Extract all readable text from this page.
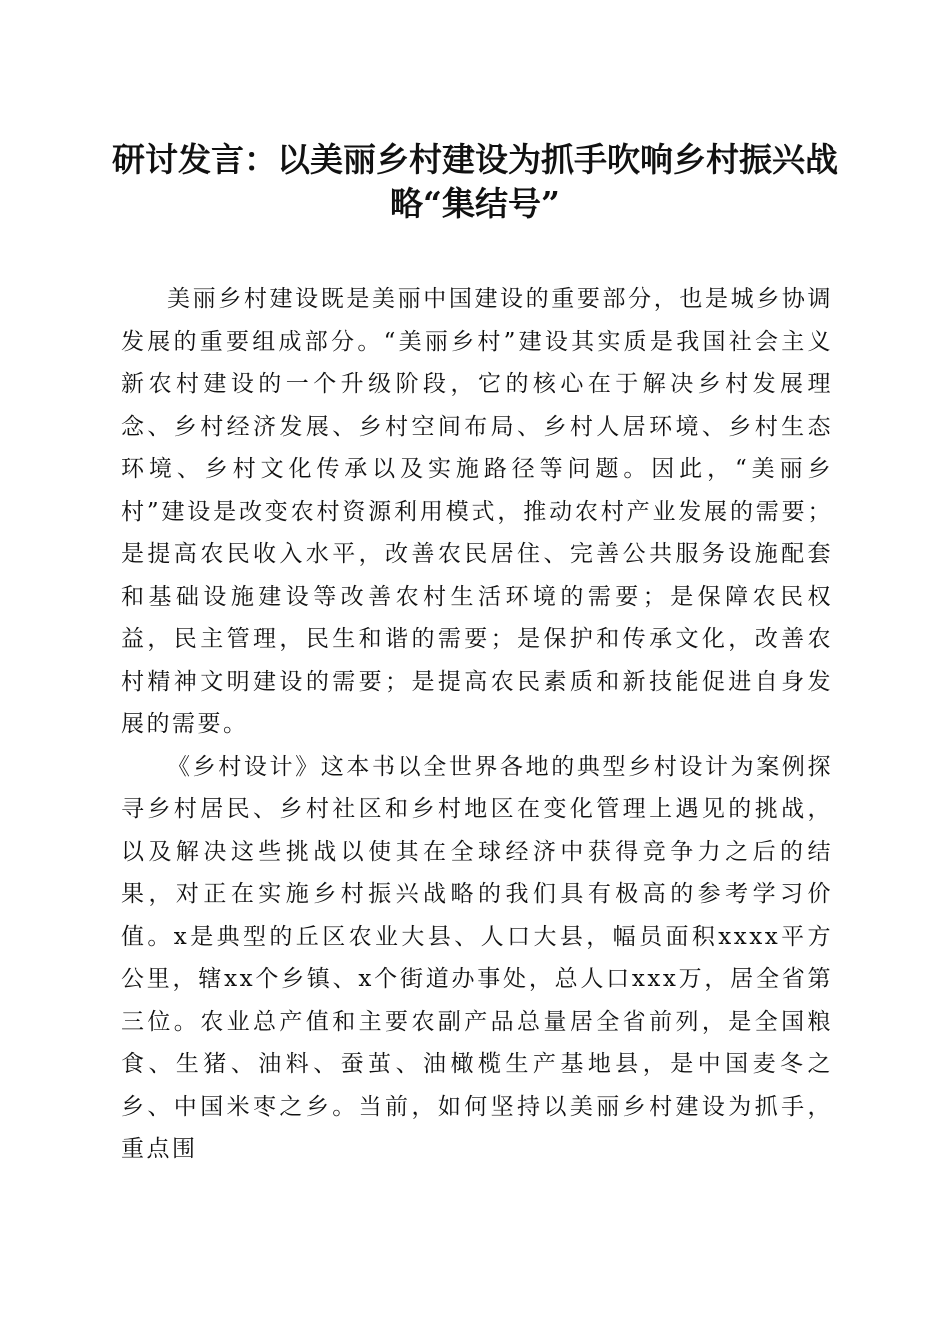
研讨发言：以美丽乡村建设为抓手吹响乡村振兴战略“集结号”

美丽乡村建设既是美丽中国建设的重要部分，也是城乡协调发展的重要组成部分。“美丽乡村”建设其实质是我国社会主义新农村建设的一个升级阶段，它的核心在于解决乡村发展理念、乡村经济发展、乡村空间布局、乡村人居环境、乡村生态环境、乡村文化传承以及实施路径等问题。因此，“美丽乡村”建设是改变农村资源利用模式，推动农村产业发展的需要；是提高农民收入水平，改善农民居住、完善公共服务设施配套和基础设施建设等改善农村生活环境的需要；是保障农民权益，民主管理，民生和谐的需要；是保护和传承文化，改善农村精神文明建设的需要；是提高农民素质和新技能促进自身发展的需要。

《乡村设计》这本书以全世界各地的典型乡村设计为案例探寻乡村居民、乡村社区和乡村地区在变化管理上遇见的挑战，以及解决这些挑战以使其在全球经济中获得竞争力之后的结果，对正在实施乡村振兴战略的我们具有极高的参考学习价值。x是典型的丘区农业大县、人口大县，幅员面积xxxx平方公里，辖xx个乡镇、x个街道办事处，总人口xxx万，居全省第三位。农业总产值和主要农副产品总量居全省前列，是全国粮食、生猪、油料、蚕茧、油橄榄生产基地县，是中国麦冬之乡、中国米枣之乡。当前，如何坚持以美丽乡村建设为抓手，重点围
